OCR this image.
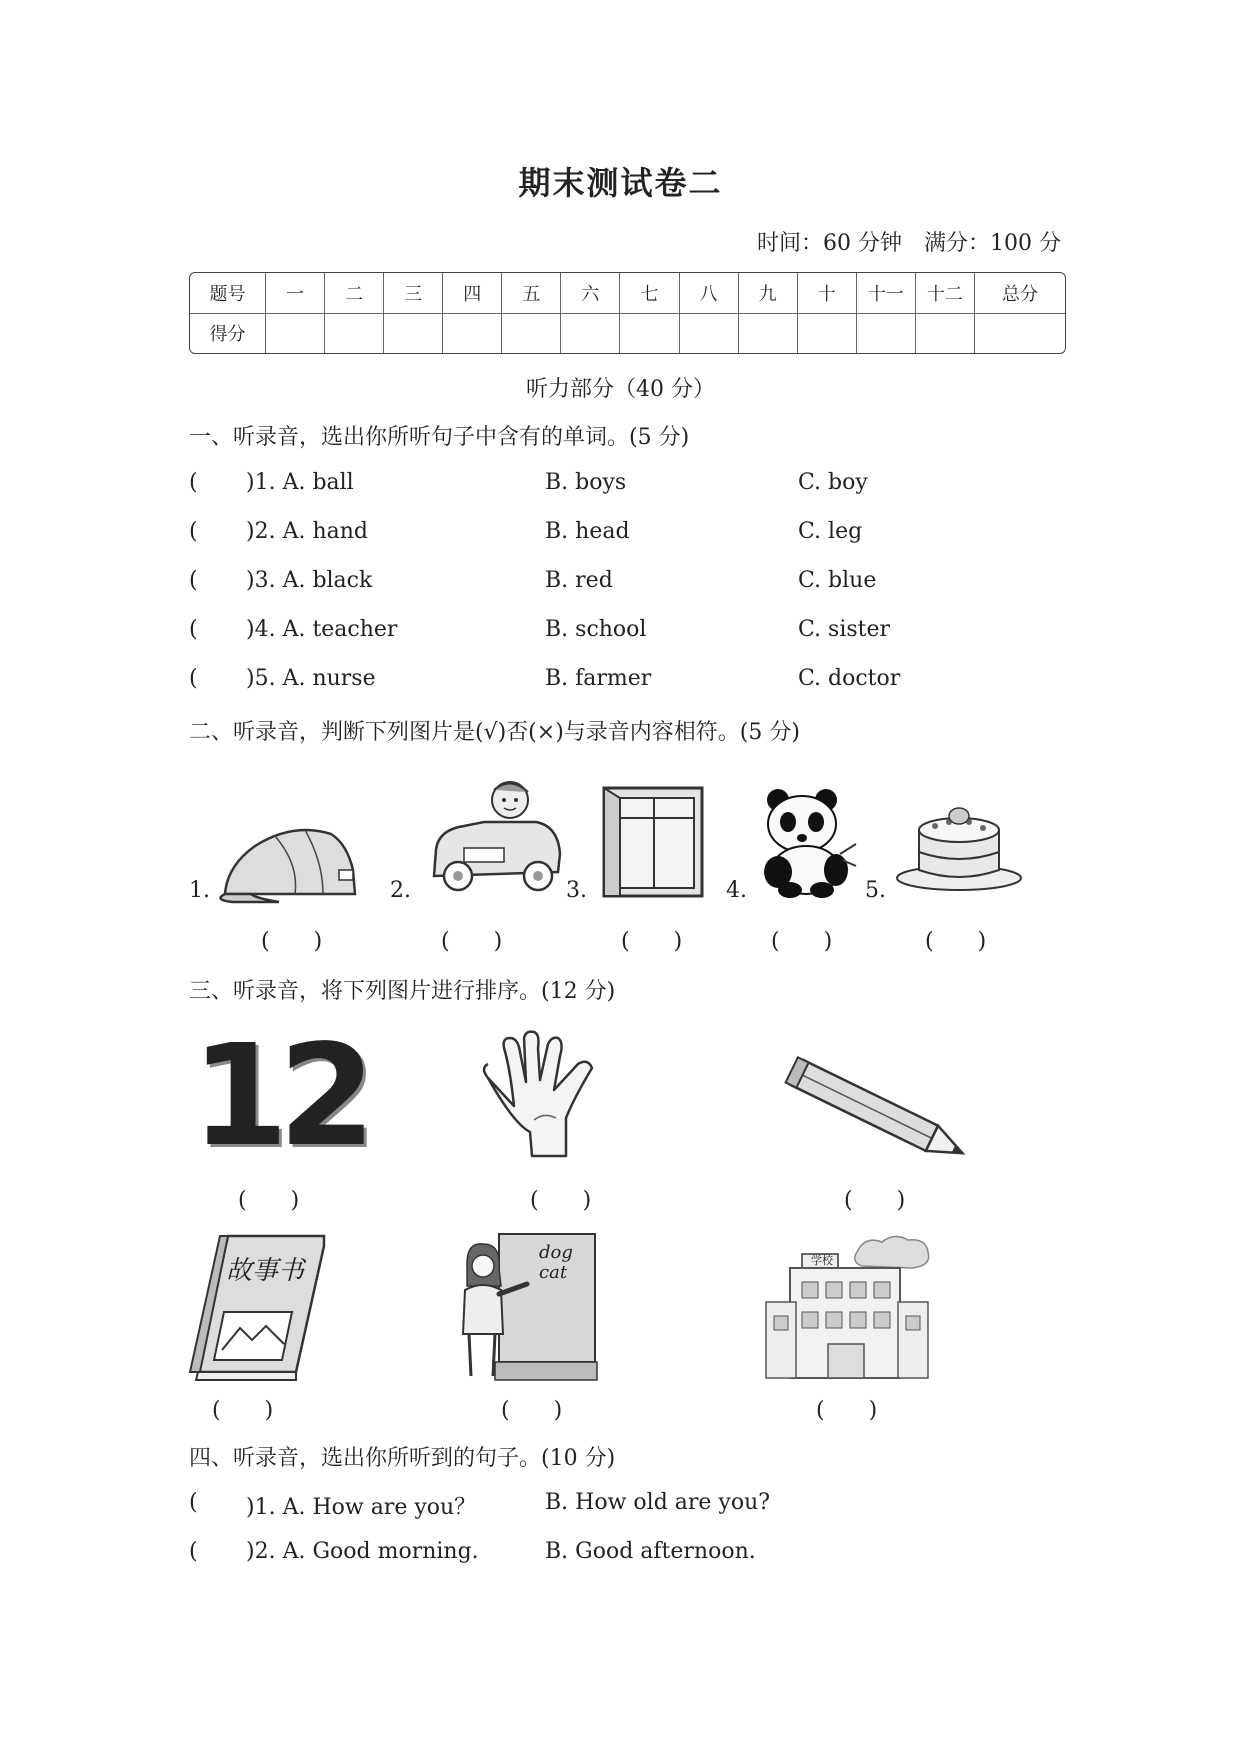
期末测试卷二
时间：60 分钟　满分：100 分
题号	一	二	三	四	五	六	七	八	九	十	十一	十二	总分
得分													
听力部分（40 分）
一、听录音，选出你所听句子中含有的单词。(5 分)
( )1. A. ball	B. boys	C. boy
( )2. A. hand	B. head	C. leg
( )3. A. black	B. red	C. blue
( )4. A. teacher	B. school	C. sister
( )5. A. nurse	B. farmer	C. doctor
二、听录音，判断下列图片是(√)否(×)与录音内容相符。(5 分)
1.	2.	3.	4.	5.
(　　)	(　　)	(　　)	(　　)	(　　)
三、听录音，将下列图片进行排序。(12 分)
12
(　　)	(　　)	(　　)
故事书
dog
cat
学校
(　　)	(　　)	(　　)
四、听录音，选出你所听到的句子。(10 分)
( )1. A. How are you？	B. How old are you?
( )2. A. Good morning.	B. Good afternoon.
